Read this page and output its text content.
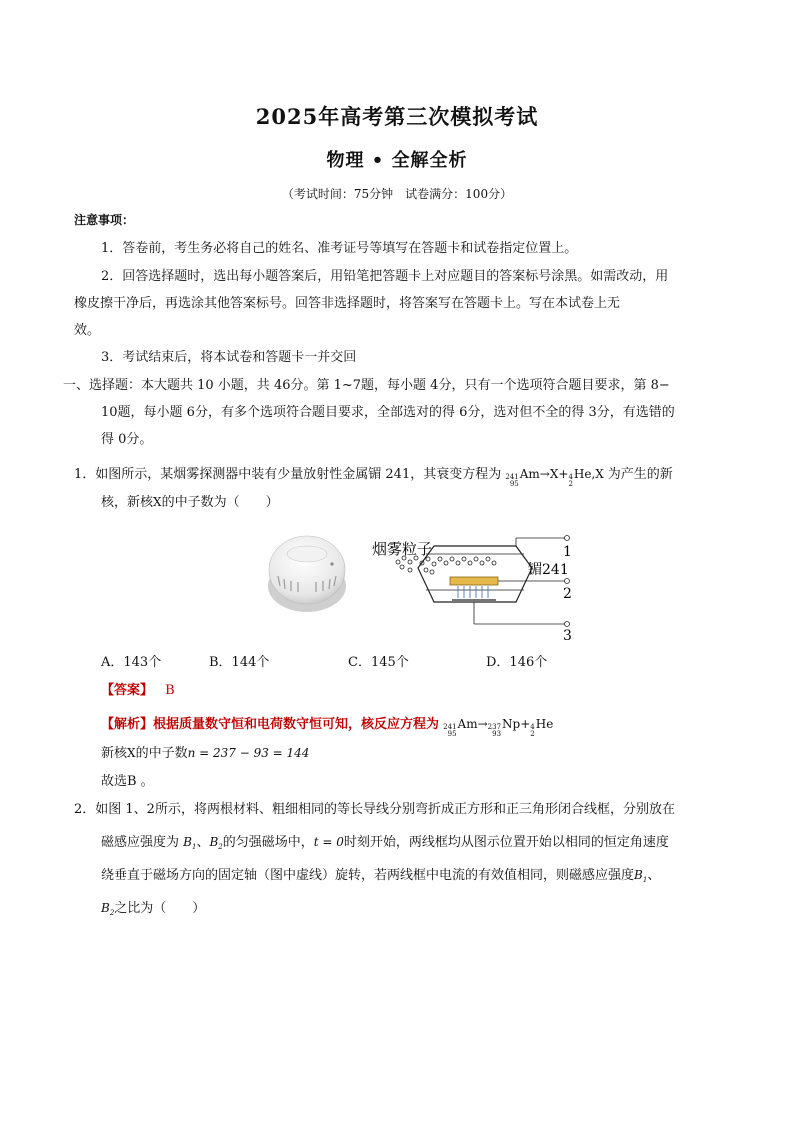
2025年高考第三次模拟考试
物理 • 全解全析
（考试时间：75分钟　试卷满分：100分）
注意事项：
1．答卷前，考生务必将自己的姓名、准考证号等填写在答题卡和试卷指定位置上。
2．回答选择题时，选出每小题答案后，用铅笔把答题卡上对应题目的答案标号涂黑。如需改动，用
橡皮擦干净后，再选涂其他答案标号。回答非选择题时，将答案写在答题卡上。写在本试卷上无
效。
3．考试结束后，将本试卷和答题卡一并交回
一、选择题：本大题共 10 小题，共 46分。第 1~7题，每小题 4分，只有一个选项符合题目要求，第 8−
10题，每小题 6分，有多个选项符合题目要求，全部选对的得 6分，选对但不全的得 3分，有选错的
得 0分。
1．如图所示，某烟雾探测器中装有少量放射性金属镅 241，其衰变方程为 241
95
Am→X+ 4
2
He,X 为产生的新
核，新核X的中子数为（　　）
烟雾粒子
镅241
1
2
3
A．143个	B．144个	C．145个	D．146个
【答案】 B
【解析】根据质量数守恒和电荷数守恒可知，核反应方程为 241
95
Am→ 237
93
Np+ 4
2
He
新核X的中子数n = 237 − 93 = 144
故选B 。
2．如图 1、2所示，将两根材料、粗细相同的等长导线分别弯折成正方形和正三角形闭合线框，分别放在
磁感应强度为 $B_1$、$B_2$的匀强磁场中，t = 0时刻开始，两线框均从图示位置开始以相同的恒定角速度
绕垂直于磁场方向的固定轴（图中虚线）旋转，若两线框中电流的有效值相同，则磁感应强度$B_1$、
$B_2$之比为（　　）
